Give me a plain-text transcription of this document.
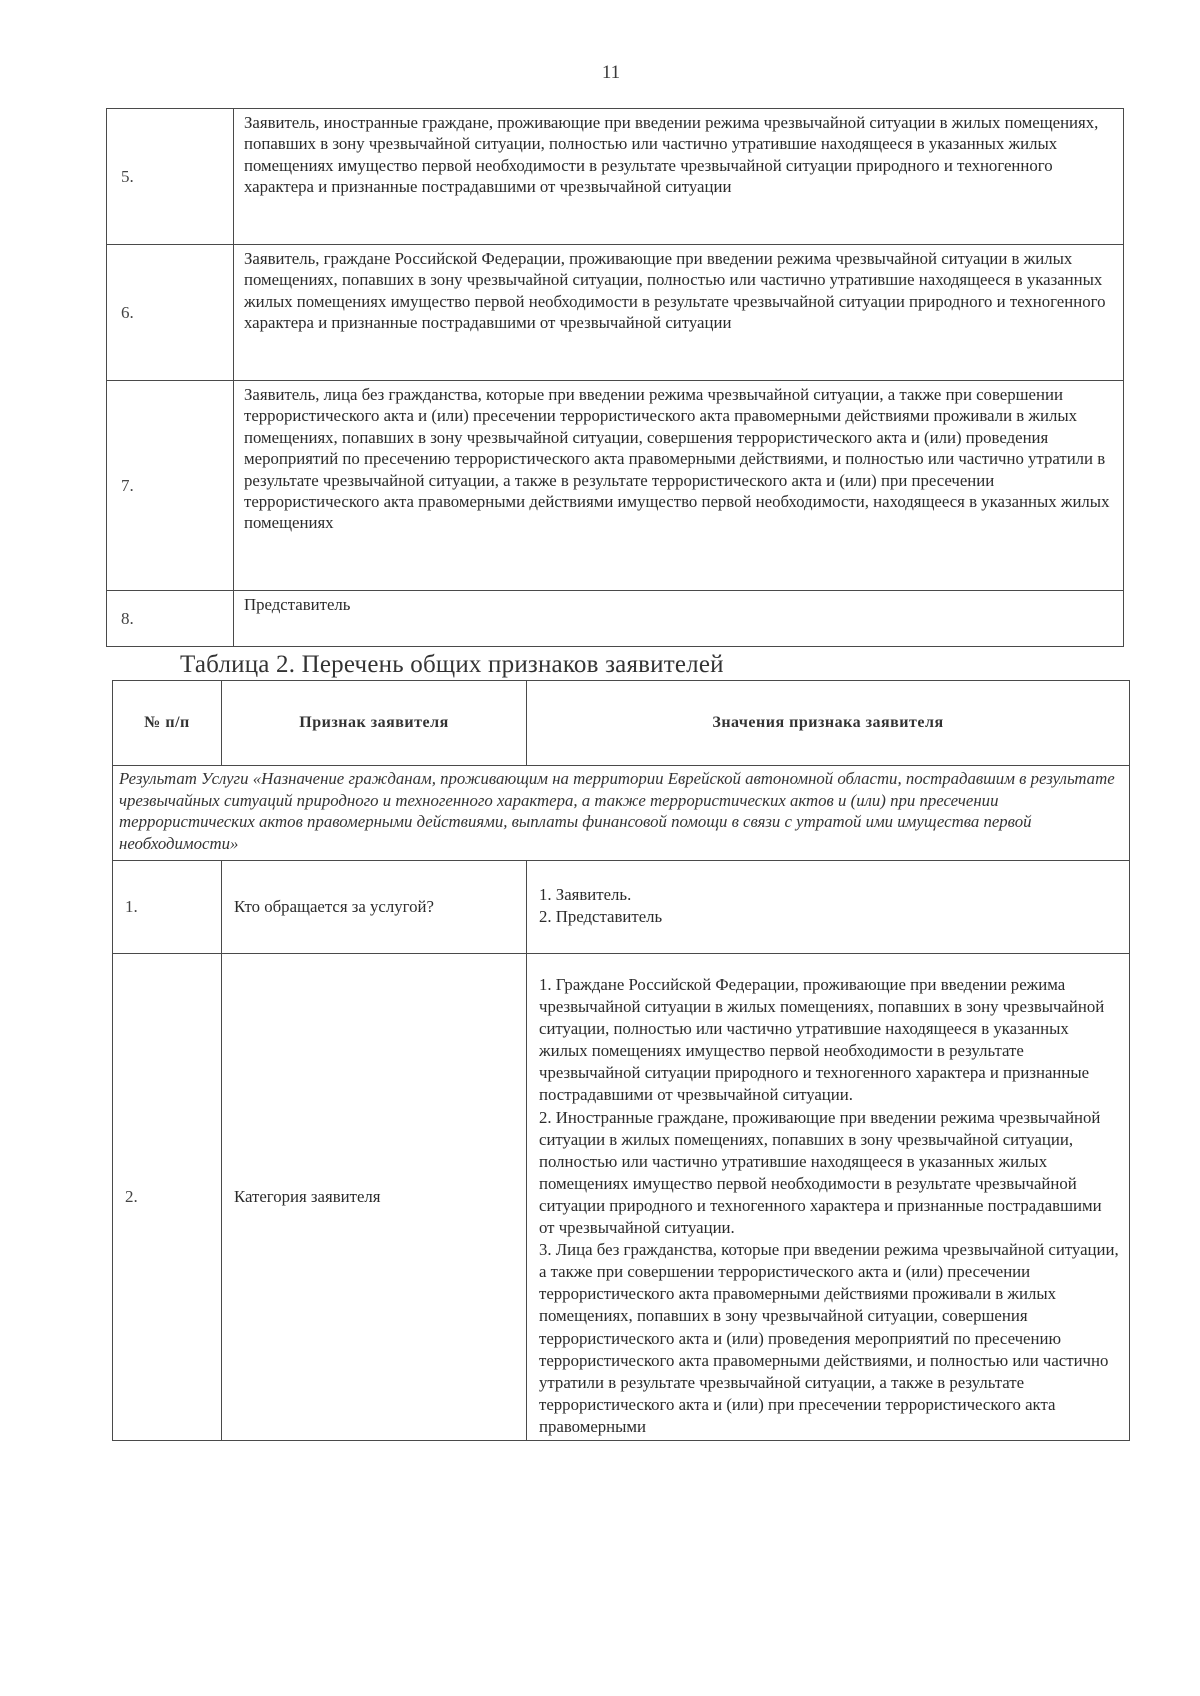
11
5.	Заявитель, иностранные граждане, проживающие при введении режима чрезвычайной ситуации в жилых помещениях, попавших в зону чрезвычайной ситуации, полностью или частично утратившие находящееся в указанных жилых помещениях имущество первой необходимости в результате чрезвычайной ситуации природного и техногенного характера и признанные пострадавшими от чрезвычайной ситуации
6.	Заявитель, граждане Российской Федерации, проживающие при введении режима чрезвычайной ситуации в жилых помещениях, попавших в зону чрезвычайной ситуации, полностью или частично утратившие находящееся в указанных жилых помещениях имущество первой необходимости в результате чрезвычайной ситуации природного и техногенного характера и признанные пострадавшими от чрезвычайной ситуации
7.	Заявитель, лица без гражданства, которые при введении режима чрезвычайной ситуации, а также при совершении террористического акта и (или) пресечении террористического акта правомерными действиями проживали в жилых помещениях, попавших в зону чрезвычайной ситуации, совершения террористического акта и (или) проведения мероприятий по пресечению террористического акта правомерными действиями, и полностью или частично утратили в результате чрезвычайной ситуации, а также в результате террористического акта и (или) при пресечении террористического акта правомерными действиями имущество первой необходимости, находящееся в указанных жилых помещениях
8.	Представитель
Таблица 2. Перечень общих признаков заявителей
№ п/п	Признак заявителя	Значения признака заявителя
Результат Услуги «Назначение гражданам, проживающим на территории Еврейской автономной области, пострадавшим в результате чрезвычайных ситуаций природного и техногенного характера, а также террористических актов и (или) при пресечении террористических актов правомерными действиями, выплаты финансовой помощи в связи с утратой ими имущества первой необходимости»		
1.	Кто обращается за услугой?	1. Заявитель.
2. Представитель

2.	Категория заявителя	1. Граждане Российской Федерации, проживающие при введении режима чрезвычайной ситуации в жилых помещениях, попавших в зону чрезвычайной ситуации, полностью или частично утратившие находящееся в указанных жилых помещениях имущество первой необходимости в результате чрезвычайной ситуации природного и техногенного характера и признанные пострадавшими от чрезвычайной ситуации.
2. Иностранные граждане, проживающие при введении режима чрезвычайной ситуации в жилых помещениях, попавших в зону чрезвычайной ситуации, полностью или частично утратившие находящееся в указанных жилых помещениях имущество первой необходимости в результате чрезвычайной ситуации природного и техногенного характера и признанные пострадавшими от чрезвычайной ситуации.
3. Лица без гражданства, которые при введении режима чрезвычайной ситуации, а также при совершении террористического акта и (или) пресечении террористического акта правомерными действиями проживали в жилых помещениях, попавших в зону чрезвычайной ситуации, совершения террористического акта и (или) проведения мероприятий по пресечению террористического акта правомерными действиями, и полностью или частично утратили в результате чрезвычайной ситуации, а также в результате террористического акта и (или) при пресечении террористического акта правомерными
